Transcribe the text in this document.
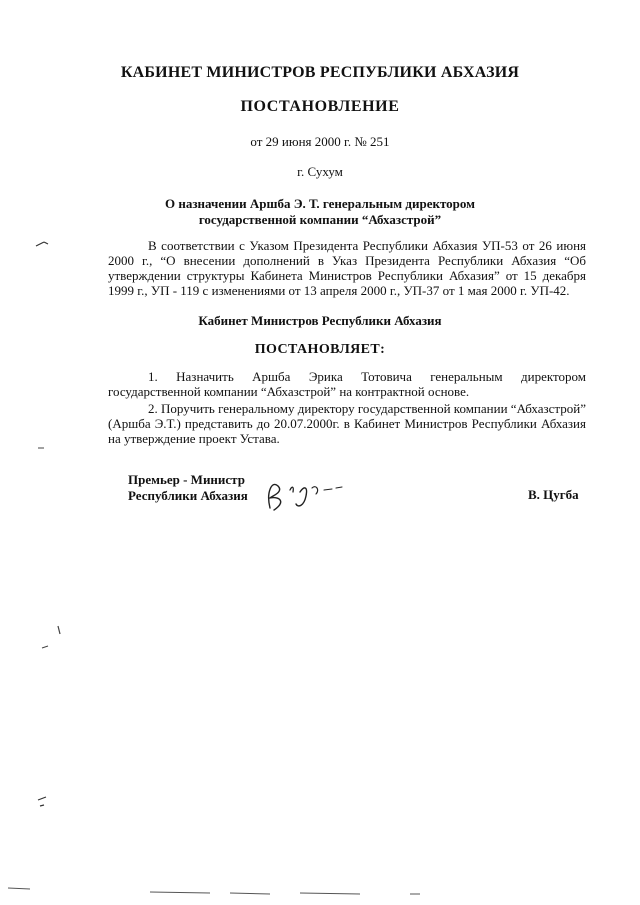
КАБИНЕТ МИНИСТРОВ РЕСПУБЛИКИ АБХАЗИЯ
ПОСТАНОВЛЕНИЕ
от 29 июня 2000 г. № 251
г. Сухум
О назначении Аршба Э. Т. генеральным директором
государственной компании “Абхазстрой”
В соответствии с Указом Президента Республики Абхазия УП-53 от 26 июня 2000 г., “О внесении дополнений в Указ Президента Республики Абхазия “Об утверждении структуры Кабинета Министров Республики Абхазия” от 15 декабря 1999 г., УП - 119 с изменениями от 13 апреля 2000 г., УП-37 от 1 мая 2000 г. УП-42.
Кабинет Министров Республики Абхазия
ПОСТАНОВЛЯЕТ:
1. Назначить Аршба Эрика Тотовича генеральным директором государственной компании “Абхазстрой” на контрактной основе.
2. Поручить генеральному директору государственной компании “Абхазстрой” (Аршба Э.Т.) представить до 20.07.2000г. в Кабинет Министров Республики Абхазия на утверждение проект Устава.
Премьер - Министр
Республики Абхазия	В. Цугба
